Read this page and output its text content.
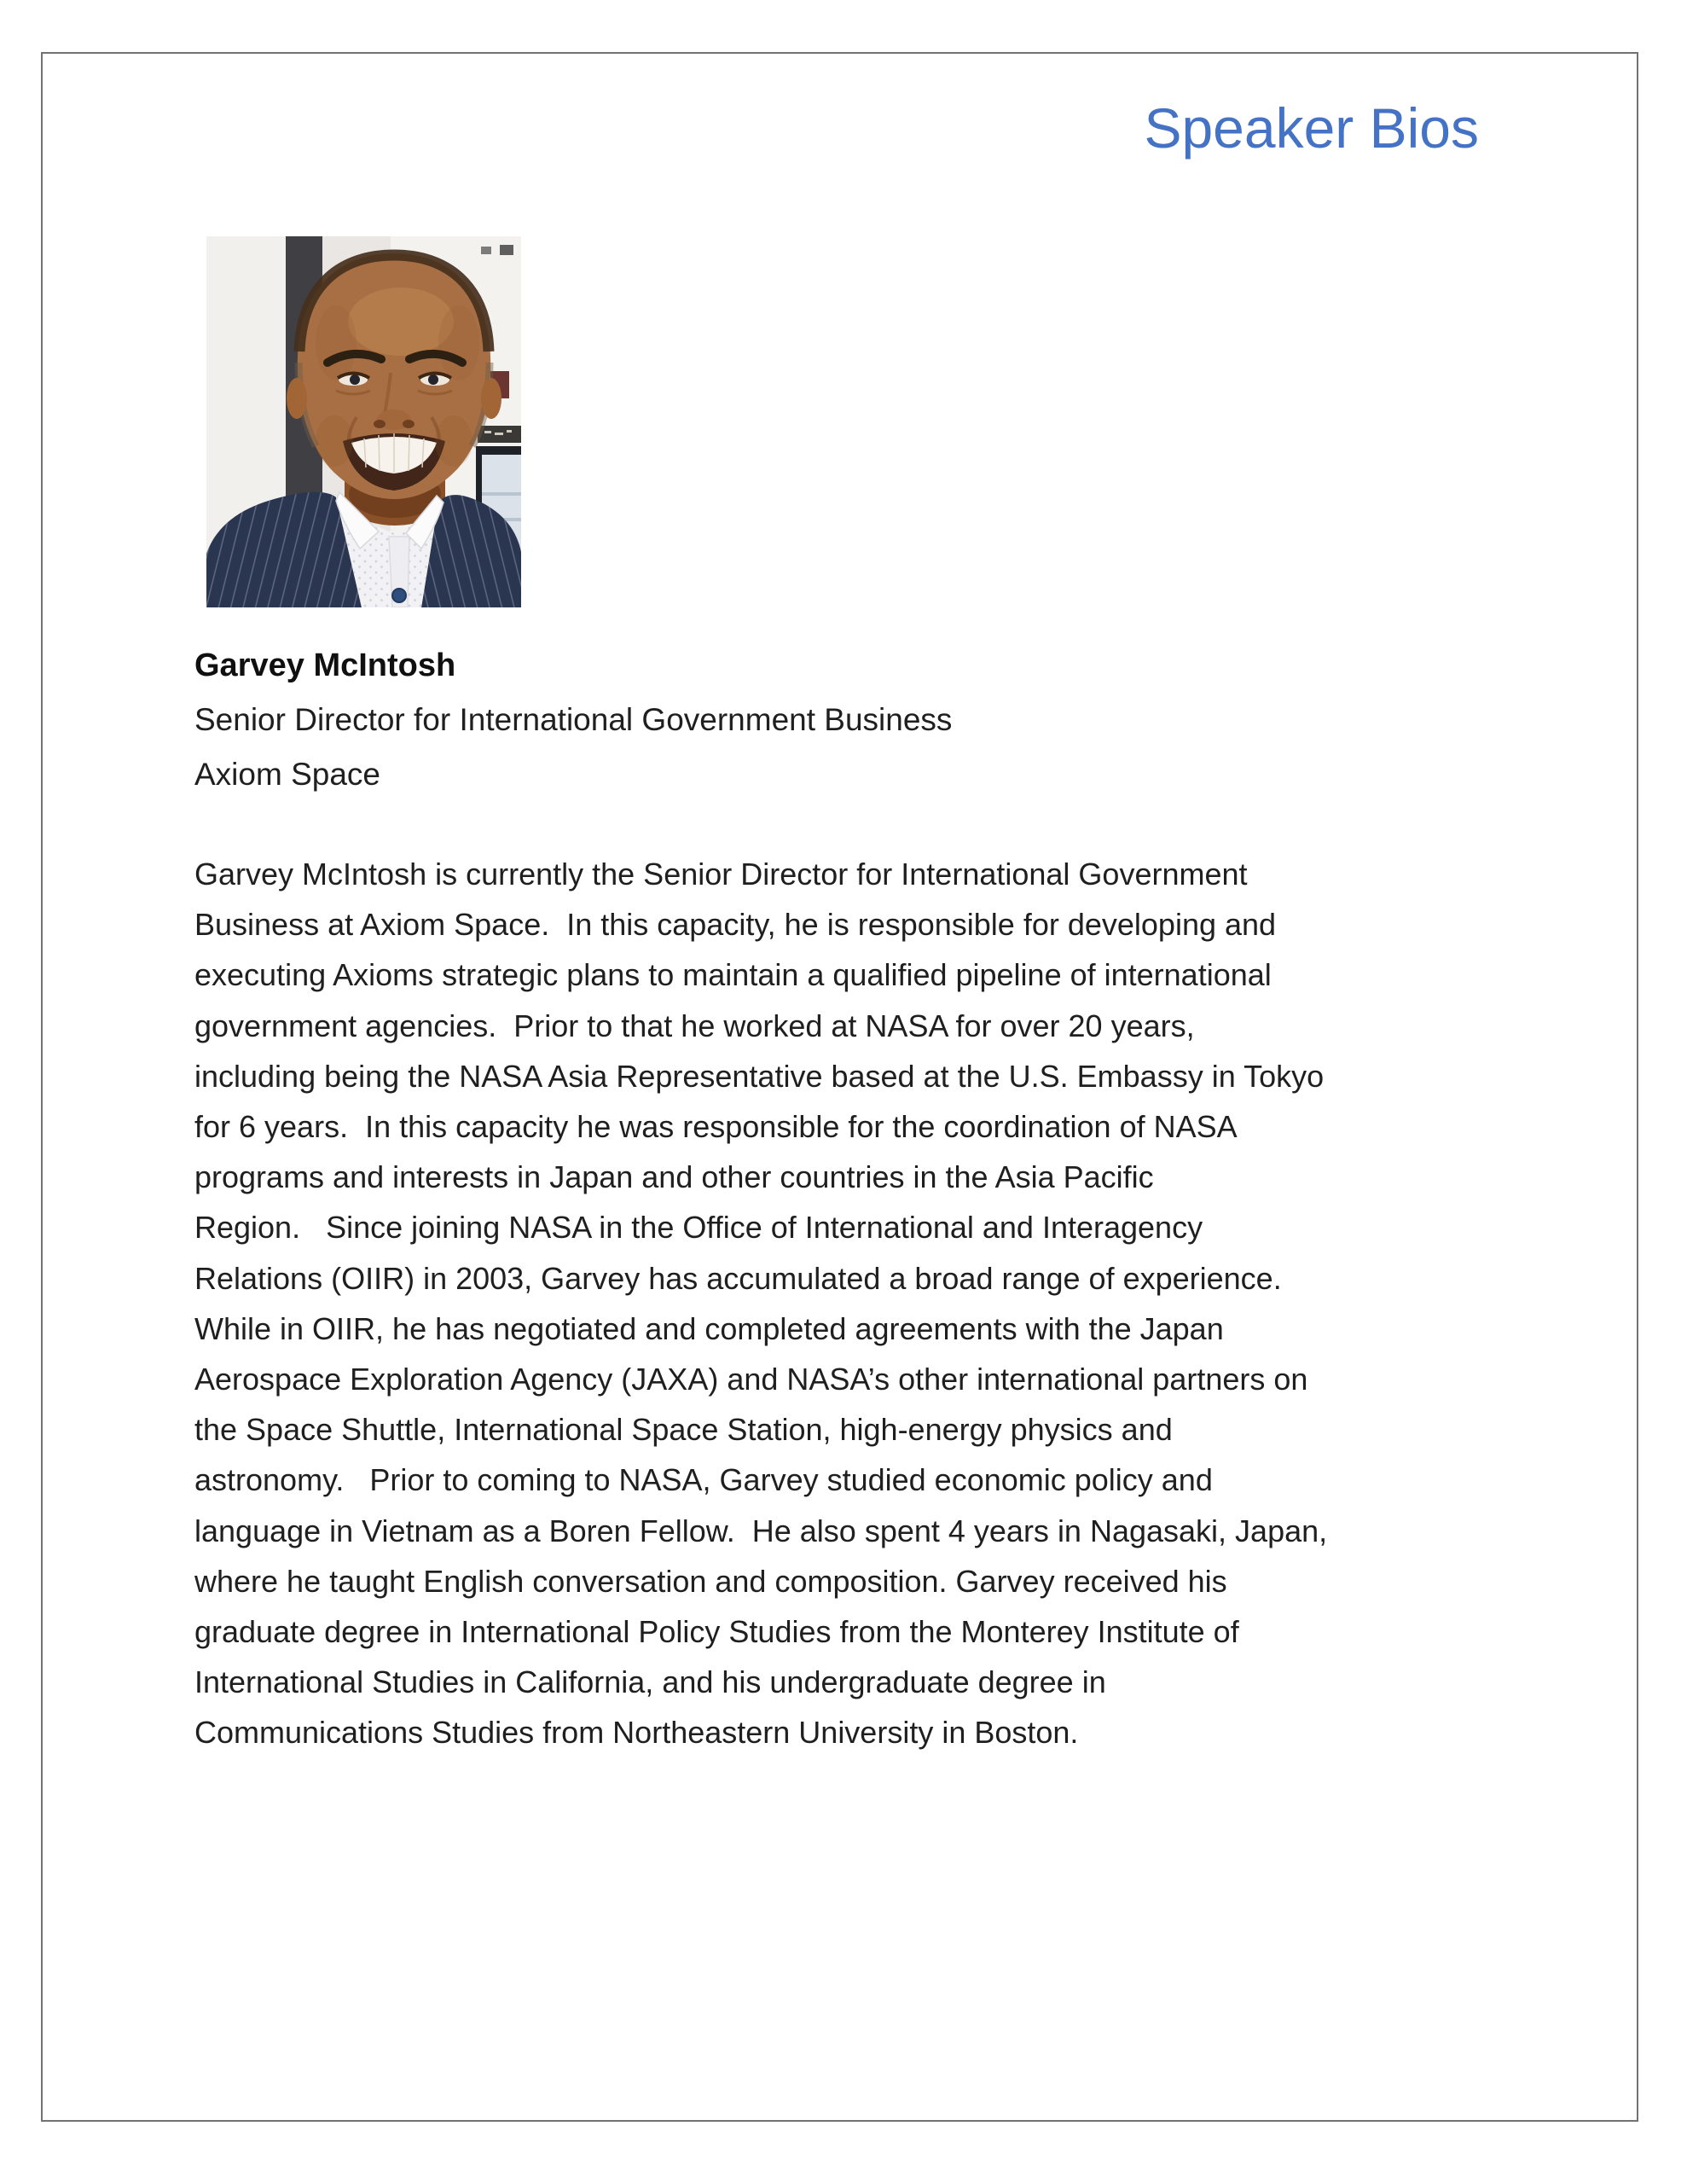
Speaker Bios
Garvey McIntosh
Senior Director for International Government Business
Axiom Space
Garvey McIntosh is currently the Senior Director for International Government
Business at Axiom Space.  In this capacity, he is responsible for developing and
executing Axioms strategic plans to maintain a qualified pipeline of international
government agencies.  Prior to that he worked at NASA for over 20 years,
including being the NASA Asia Representative based at the U.S. Embassy in Tokyo
for 6 years.  In this capacity he was responsible for the coordination of NASA
programs and interests in Japan and other countries in the Asia Pacific
Region.   Since joining NASA in the Office of International and Interagency
Relations (OIIR) in 2003, Garvey has accumulated a broad range of experience.
While in OIIR, he has negotiated and completed agreements with the Japan
Aerospace Exploration Agency (JAXA) and NASA’s other international partners on
the Space Shuttle, International Space Station, high-energy physics and
astronomy.   Prior to coming to NASA, Garvey studied economic policy and
language in Vietnam as a Boren Fellow.  He also spent 4 years in Nagasaki, Japan,
where he taught English conversation and composition. Garvey received his
graduate degree in International Policy Studies from the Monterey Institute of
International Studies in California, and his undergraduate degree in
Communications Studies from Northeastern University in Boston.
